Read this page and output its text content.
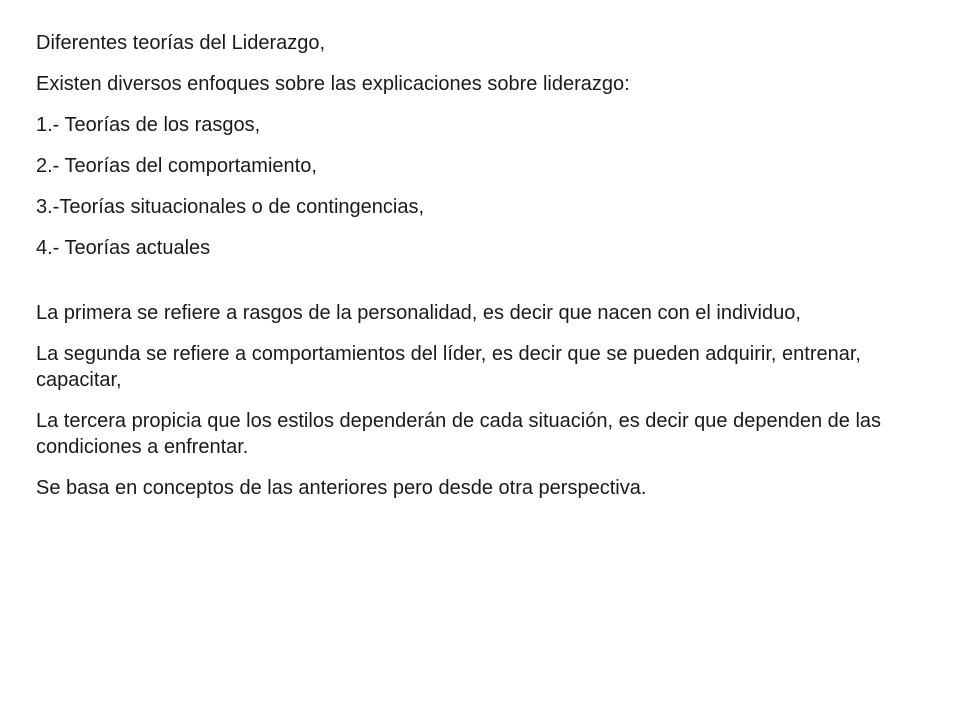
Diferentes teorías del Liderazgo,

Existen diversos enfoques sobre las explicaciones sobre liderazgo:

1.- Teorías de los rasgos,

2.- Teorías del comportamiento,

3.-Teorías situacionales o de contingencias,

4.- Teorías actuales

La primera se refiere a rasgos de la personalidad, es decir que nacen con el individuo,

La segunda se refiere a comportamientos del líder, es decir que se pueden adquirir, entrenar, capacitar,

La tercera propicia que los estilos dependerán de cada situación, es decir que dependen de las condiciones a enfrentar.

Se basa en conceptos de las anteriores pero desde otra perspectiva.
